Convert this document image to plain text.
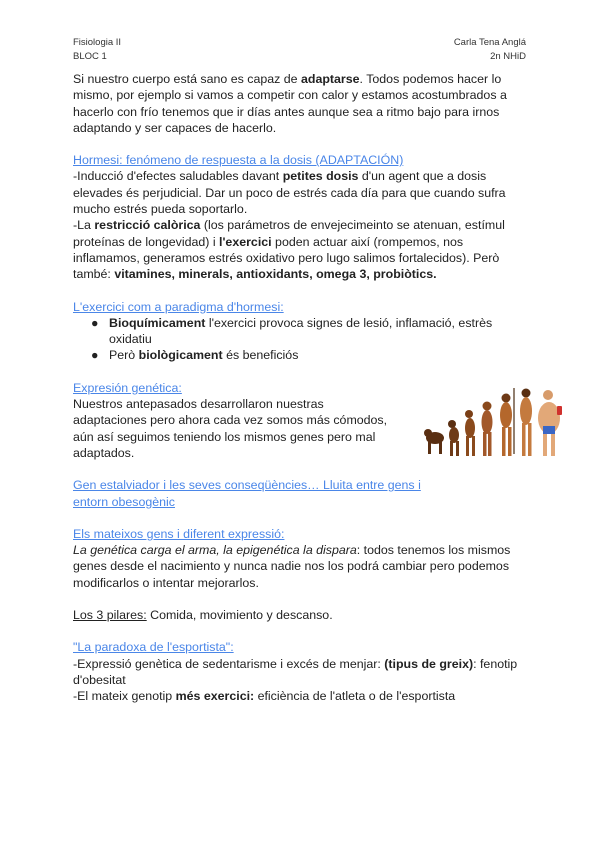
Fisiologia II	Carla Tena Anglá
BLOC 1	2n NHiD

Si nuestro cuerpo está sano es capaz de adaptarse. Todos podemos hacer lo mismo, por ejemplo si vamos a competir con calor y estamos acostumbrados a hacerlo con frío tenemos que ir días antes aunque sea a ritmo bajo para irnos adaptando y ser capaces de hacerlo.

Hormesi: fenómeno de respuesta a la dosis (ADAPTACIÓN)

-Inducció d'efectes saludables davant petites dosis d'un agent que a dosis elevades és perjudicial. Dar un poco de estrés cada día para que cuando sufra mucho estrés pueda soportarlo.

-La restricció calòrica (los parámetros de envejecimeinto se atenuan, estímul proteínas de longevidad) i l'exercici poden actuar així (rompemos, nos inflamamos, generamos estrés oxidativo pero lugo salimos fortalecidos). Però també: vitamines, minerals, antioxidants, omega 3, probiòtics.

L'exercici com a paradigma d'hormesi:

● Bioquímicament l'exercici provoca signes de lesió, inflamació, estrès oxidatiu
● Però biològicament és beneficiós

Expresión genética:

Nuestros antepasados desarrollaron nuestras adaptaciones pero ahora cada vez somos más cómodos, aún así seguimos teniendo los mismos genes pero mal adaptados.

Gen estalviador i les seves conseqüències… Lluita entre gens i entorn obesogènic

Els mateixos gens i diferent expressió:

La genética carga el arma, la epigenética la dispara: todos tenemos los mismos genes desde el nacimiento y nunca nadie nos los podrá cambiar pero podemos modificarlos o intentar mejorarlos.

Los 3 pilares: Comida, movimiento y descanso.

"La paradoxa de l'esportista":

-Expressió genètica de sedentarisme i excés de menjar: (tipus de greix): fenotip d'obesitat

-El mateix genotip més exercici: eficiència de l'atleta o de l'esportista
